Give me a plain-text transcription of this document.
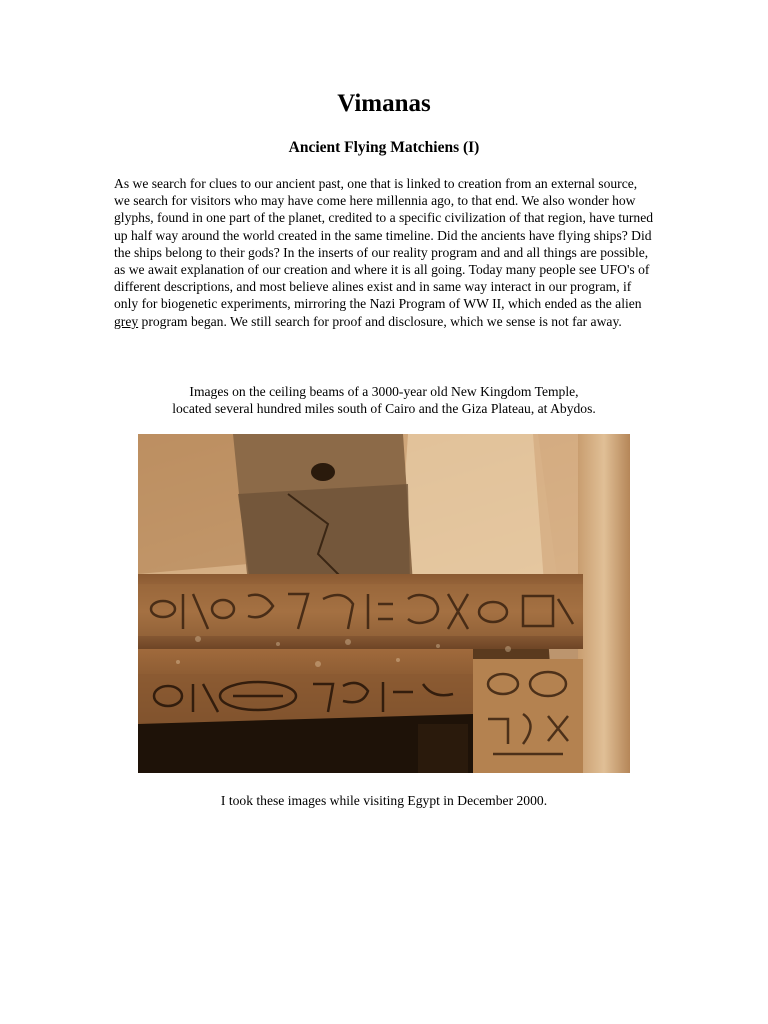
Vimanas
Ancient Flying Matchiens (I)

As we search for clues to our ancient past, one that is linked to creation from an external source, we search for visitors who may have come here millennia ago, to that end. We also wonder how glyphs, found in one part of the planet, credited to a specific civilization of that region, have turned up half way around the world created in the same timeline. Did the ancients have flying ships? Did the ships belong to their gods? In the inserts of our reality program and and all things are possible, as we await explanation of our creation and where it is all going. Today many people see UFO's of different descriptions, and most believe alines exist and in same way interact in our program, if only for biogenetic experiments, mirroring the Nazi Program of WW II, which ended as the alien grey program began. We still search for proof and disclosure, which we sense is not far away.

Images on the ceiling beams of a 3000-year old New Kingdom Temple,
located several hundred miles south of Cairo and the Giza Plateau, at Abydos.

I took these images while visiting Egypt in December 2000.
